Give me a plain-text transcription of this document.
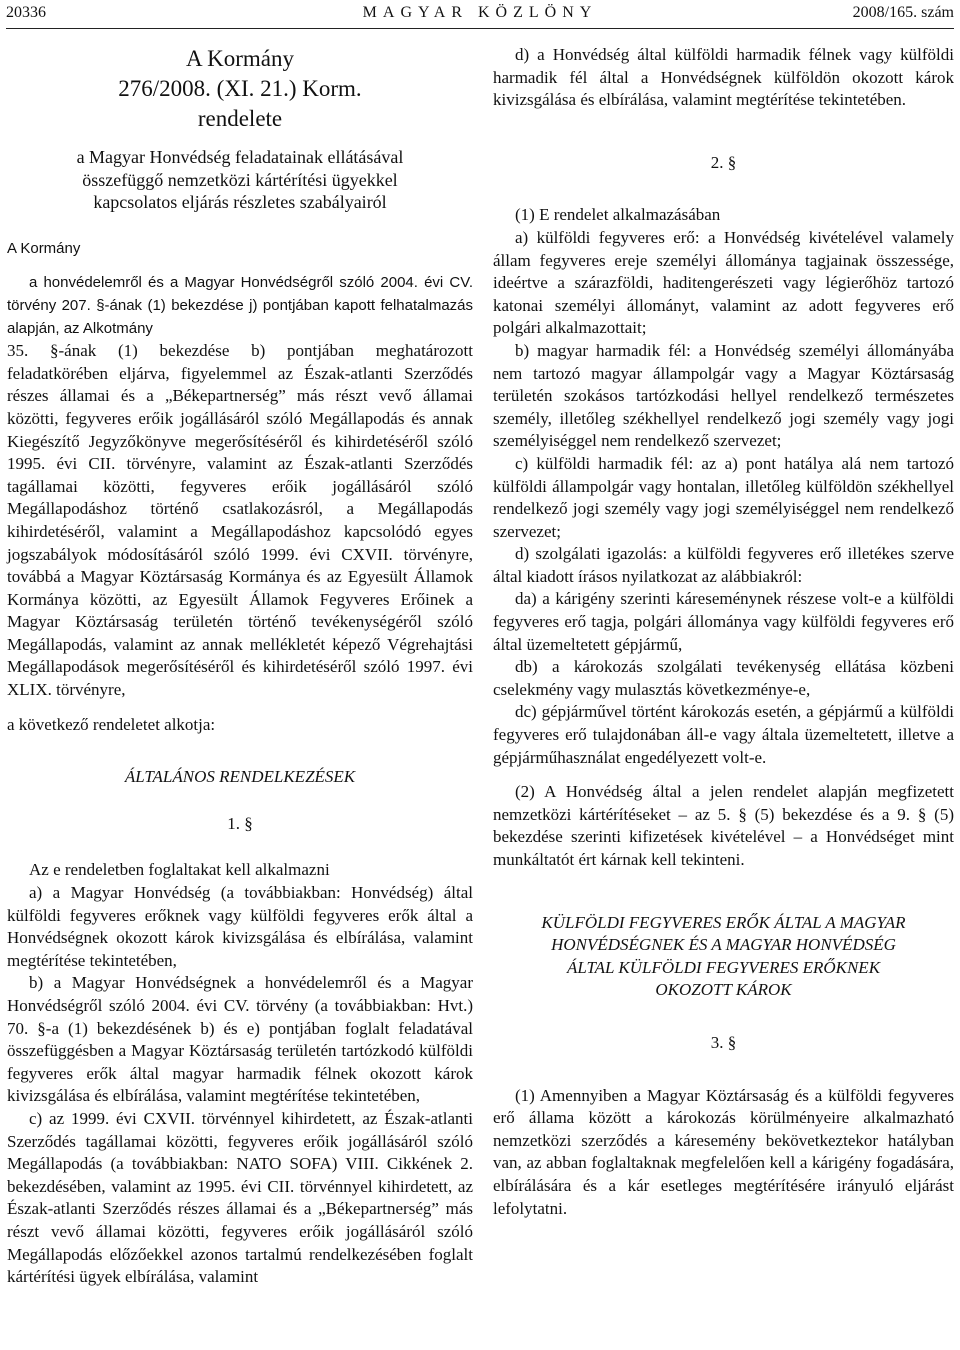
20336	MAGYAR KÖZLÖNY	2008/165. szám
A Kormány
276/2008. (XI. 21.) Korm.
rendelete

a Magyar Honvédség feladatainak ellátásával

összefüggő nemzetközi kártérítési ügyekkel

kapcsolatos eljárás részletes szabályairól

A Kormány

a honvédelemről és a Magyar Honvédségről szóló 2004. évi CV. törvény 207. §-ának (1) bekezdése j) pontjában kapott felhatalmazás alapján, az Alkotmány

35. §-ának (1) bekezdése b) pontjában meghatározott feladatkörében eljárva, figyelemmel az Észak-atlanti Szerződés részes államai és a „Békepartnerség” más részt vevő államai közötti, fegyveres erőik jogállásáról szóló Megállapodás és annak Kiegészítő Jegyzőkönyve megerősítéséről és kihirdetéséről szóló 1995. évi CII. törvényre, valamint az Észak-atlanti Szerződés tagállamai közötti, fegyveres erőik jogállásáról szóló Megállapodáshoz történő csatlakozásról, a Megállapodás kihirdetéséről, valamint a Megállapodáshoz kapcsolódó egyes jogszabályok módosításáról szóló 1999. évi CXVII. törvényre, továbbá a Magyar Köztársaság Kormánya és az Egyesült Államok Kormánya közötti, az Egyesült Államok Fegyveres Erőinek a Magyar Köztársaság területén történő tevékenységéről szóló Megállapodás, valamint az annak mellékletét képező Végrehajtási Megállapodások megerősítéséről és kihirdetéséről szóló 1997. évi XLIX. törvényre,

a következő rendeletet alkotja:

ÁLTALÁNOS RENDELKEZÉSEK

1. §

Az e rendeletben foglaltakat kell alkalmazni

a) a Magyar Honvédség (a továbbiakban: Honvédség) által külföldi fegyveres erőknek vagy külföldi fegyveres erők által a Honvédségnek okozott károk kivizsgálása és elbírálása, valamint megtérítése tekintetében,

b) a Magyar Honvédségnek a honvédelemről és a Magyar Honvédségről szóló 2004. évi CV. törvény (a továbbiakban: Hvt.) 70. §-a (1) bekezdésének b) és e) pontjában foglalt feladatával összefüggésben a Magyar Köztársaság területén tartózkodó külföldi fegyveres erők által magyar harmadik félnek okozott károk kivizsgálása és elbírálása, valamint megtérítése tekintetében,

c) az 1999. évi CXVII. törvénnyel kihirdetett, az Észak-atlanti Szerződés tagállamai közötti, fegyveres erőik jogállásáról szóló Megállapodás (a továbbiakban: NATO SOFA) VIII. Cikkének 2. bekezdésében, valamint az 1995. évi CII. törvénnyel kihirdetett, az Észak-atlanti Szerződés részes államai és a „Békepartnerség” más részt vevő államai közötti, fegyveres erőik jogállásáról szóló Megállapodás előzőekkel azonos tartalmú rendelkezésében foglalt kártérítési ügyek elbírálása, valamint

d) a Honvédség által külföldi harmadik félnek vagy külföldi harmadik fél által a Honvédségnek külföldön okozott károk kivizsgálása és elbírálása, valamint megtérítése tekintetében.

2. §

(1) E rendelet alkalmazásában

a) külföldi fegyveres erő: a Honvédség kivételével valamely állam fegyveres ereje személyi állománya tagjainak összessége, ideértve a szárazföldi, haditengerészeti vagy légierőhöz tartozó katonai személyi állományt, valamint az adott fegyveres erő polgári alkalmazottait;

b) magyar harmadik fél: a Honvédség személyi állományába nem tartozó magyar állampolgár vagy a Magyar Köztársaság területén szokásos tartózkodási hellyel rendelkező természetes személy, illetőleg székhellyel rendelkező jogi személy vagy jogi személyiséggel nem rendelkező szervezet;

c) külföldi harmadik fél: az a) pont hatálya alá nem tartozó külföldi állampolgár vagy hontalan, illetőleg külföldön székhellyel rendelkező jogi személy vagy jogi személyiséggel nem rendelkező szervezet;

d) szolgálati igazolás: a külföldi fegyveres erő illetékes szerve által kiadott írásos nyilatkozat az alábbiakról:

da) a kárigény szerinti káreseménynek részese volt-e a külföldi fegyveres erő tagja, polgári állománya vagy külföldi fegyveres erő által üzemeltetett gépjármű,

db) a károkozás szolgálati tevékenység ellátása közbeni cselekmény vagy mulasztás következménye-e,

dc) gépjárművel történt károkozás esetén, a gépjármű a külföldi fegyveres erő tulajdonában áll-e vagy általa üzemeltetett, illetve a gépjárműhasználat engedélyezett volt-e.

(2) A Honvédség által a jelen rendelet alapján megfizetett nemzetközi kártérítéseket – az 5. § (5) bekezdése és a 9. § (5) bekezdése szerinti kifizetések kivételével – a Honvédséget mint munkáltatót ért kárnak kell tekinteni.

KÜLFÖLDI FEGYVERES ERŐK ÁLTAL A MAGYAR

HONVÉDSÉGNEK ÉS A MAGYAR HONVÉDSÉG

ÁLTAL KÜLFÖLDI FEGYVERES ERŐKNEK

OKOZOTT KÁROK

3. §

(1) Amennyiben a Magyar Köztársaság és a külföldi fegyveres erő állama között a károkozás körülményeire alkalmazható nemzetközi szerződés a káresemény bekövetkeztekor hatályban van, az abban foglaltaknak megfelelően kell a kárigény fogadására, elbírálására és a kár esetleges megtérítésére irányuló eljárást lefolytatni.
